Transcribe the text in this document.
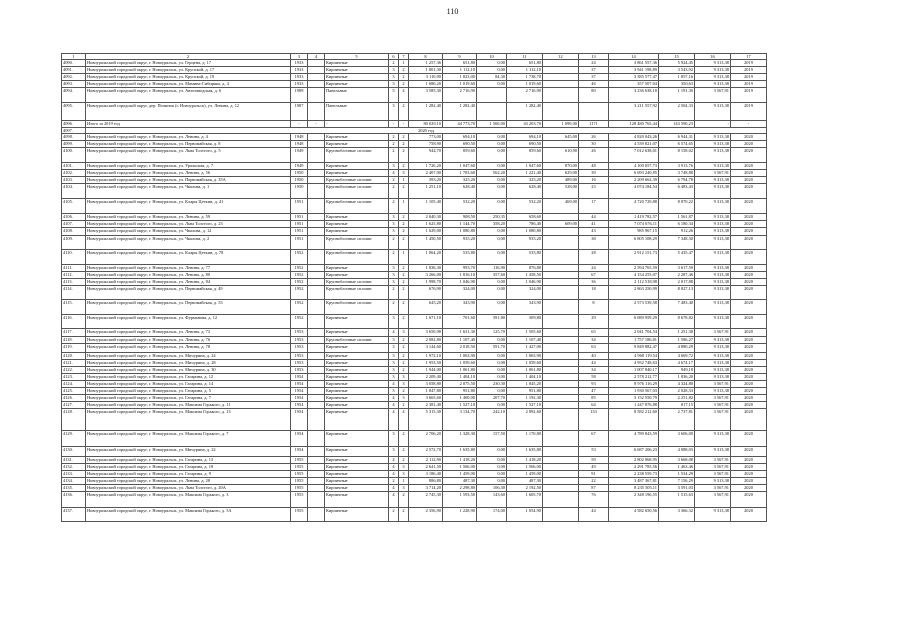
110
1	2	3	4	5	6	7	8	9	10	11	12	13	14	15	16	17
4090.	Новоуральский городской округ, г. Новоуральск, ул. Герцена, д. 17	1933		Кирпичные	2	1	1 257,36	651,80	0,00	651,80		24	3 861 557,36	5 924,45	9 313,38	2019
4091.	Новоуральский городской округ, г. Новоуральск, ул. Крупской, д. 17	1933		Кирпичные	3	2	1 801,30	1 112,10	0,00	1 112,10		37	3 941 198,89	3 543,92	9 313,38	2019
4092.	Новоуральский городской округ, г. Новоуральск, ул. Крупской, д. 19	1933		Кирпичные	3	2	3 110,90	1 823,00	84,30	1 738,70		37	3 385 577,47	1 857,16	9 313,38	2019
4093.	Новоуральский городской округ, г. Новоуральск, ул. Мамина-Сибиряка, д. 4	1933		Кирпичные	3	2	1 686,20	1 019,60	0,00	1 019,60		46	357 507,04	350,63	9 313,38	2019
4094.	Новоуральский городской округ, г. Новоуральск, ул. Автозаводская, д. 6	1989		Панельные	5	4	3 585,30	2 716,90		2 716,90		80	3 236 638,18	1 191,30	3 567,91	2019
4095.	Новоуральский городской округ, дер. Починок (г. Новоуральск), ул. Ленина, д. 12	1987		Панельные	3	2	1 282,40	1 282,40		1 282,40			3 211 557,92	2 504,33	9 313,38	2019
4096.	Итого за 2019 год	-	-	-	-	-	80 029,10	44 773,70	1 560,00	43 203,70	1 099,00	1171	128 480 765,44	143 590,23	-	-
4097.	2020 год															
4098.	Новоуральский городской округ, г. Новоуральск, ул. Ленина, д. 4	1948		Кирпичные	2	2	773,00	694,10	0,00	694,10	645,00	26	4 820 043,26	6 944,31	9 313,38	2020
4099.	Новоуральский городской округ, г. Новоуральск, ул. Первомайская, д. 8	1948		Кирпичные	2	2	758,90	690,50	0,00	690,50		30	4 539 821,07	6 574,65	9 313,38	2020
4100.	Новоуральский городской округ, г. Новоуральск, ул. Льва Толстого, д. 5	1949		Крупноблочные сплошн	2	2	944,70	859,60	0,00	859,60	610,90	26	7 012 638,01	8 158,02	9 313,38	2020
4101.	Новоуральский городской округ, г. Новоуральск, ул. Уральская, д. 7	1949		Кирпичные	3	2	1 726,20	1 047,60	0,00	1 047,60	870,00	48	4 100 057,73	3 913,76	9 313,38	2020
4102.	Новоуральский городской округ, г. Новоуральск, ул. Ленина, д. 56	1950		Кирпичные	4	3	2 407,00	1 783,60	562,20	1 221,40	629,00	39	6 693 240,85	3 748,88	3 567,91	2020
4103.	Новоуральский городской округ, г. Новоуральск, ул. Первомайская, д. 35А	1950		Крупноблочные сплошн	2	1	393,20	325,20	0,00	325,20	489,00	16	2 209 662,39	6 794,78	9 313,38	2020
4104.	Новоуральский городской округ, г. Новоуральск, ул. Чкалова, д. 1	1950		Крупноблочные сплошн	2	2	1 251,10	628,40	0,00	628,40	528,00	23	4 074 184,54	6 483,43	9 313,38	2020
4105.	Новоуральский городской округ, г. Новоуральск, ул. Клары Цеткин, д. 41	1951		Крупноблочные сплошн	2	1	1 105,40	532,20	0,00	532,20	469,00	17	4 720 729,88	8 870,22	9 313,38	2020
4106.	Новоуральский городской округ, г. Новоуральск, ул. Ленина, д. 59	1951		Кирпичные	3	2	2 040,30	908,50	250,35	658,60		44	1 419 782,57	1 561,87	9 313,38	2020
4107.	Новоуральский городской округ, г. Новоуральск, ул. Льва Толстого, д. 23	1951		Кирпичные	3	2	1 625,80	1 144,70	358,20	786,40	609,00	41	7 074 676,11	6 180,34	9 313,38	2020
4108.	Новоуральский городской округ, г. Новоуральск, ул. Чкалова, д. 12	1951		Кирпичные	3	2	1 629,00	1 080,80	0,00	1 080,80		43	985 967,15	912,26	9 313,38	2020
4109.	Новоуральский городской округ, г. Новоуральск, ул. Чкалова, д. 2	1951		Крупноблочные сплошн	2	2	1 450,50	935,20	0,00	935,20		38	6 805 108,29	7 348,30	9 313,38	2020
4110.	Новоуральский городской округ, г. Новоуральск, ул. Клары Цеткин, д. 78	1952		Крупноблочные сплошн	2	1	1 064,20	535,80	0,00	535,80		28	2 912 151,73	5 435,47	9 313,38	2020
4111.	Новоуральский городской округ, г. Новоуральск, ул. Ленина, д. 77	1952		Кирпичные	3	2	1 836,30	993,70	116,90	876,80		24	2 594 765,59	3 617,59	9 313,38	2020
4112.	Новоуральский городской округ, г. Новоуральск, ул. Ленина, д. 80	1952		Кирпичные	3	2	3 266,00	1 816,10	357,60	1 458,50		67	4 154 255,07	2 287,46	9 313,38	2020
4113.	Новоуральский городской округ, г. Новоуральск, ул. Ленина, д. 84	1952		Крупноблочные сплошн	3	2	1 998,70	1 046,90	0,00	1 046,90		36	2 112 518,98	2 017,88	9 313,38	2020
4114.	Новоуральский городской округ, г. Новоуральск, ул. Первомайская, д. 49	1952		Крупноблочные сплошн	2	2	676,90	324,00	0,00	324,00		18	2 863 250,99	8 827,13	9 313,38	2020
4115.	Новоуральский городской округ, г. Новоуральск, ул. Первомайская, д. 53	1952		Крупноблочные сплошн	2	2	645,20	343,90	0,00	343,90		8	2 573 539,58	7 483,40	9 313,38	2020
4116.	Новоуральский городской округ, г. Новоуральск, ул. Фурманова, д. 12	1952		Кирпичные	3	2	1 671,10	701,60	391,80	309,80		29	6 089 959,29	8 678,82	9 313,38	2020
4117.	Новоуральский городской округ, г. Новоуральск, ул. Ленина, д. 73	1953		Кирпичные	4	3	3 650,98	1 631,30	125,70	1 505,60		65	2 041 704,54	1 251,38	3 567,91	2020
4118.	Новоуральский городской округ, г. Новоуральск, ул. Ленина, д. 76	1953		Крупноблочные сплошн	3	2	2 082,80	1 107,40	0,00	1 107,40		34	1 757 186,81	1 586,27	9 313,38	2020
4119.	Новоуральский городской округ, г. Новоуральск, ул. Ленина, д. 78	1953		Кирпичные	3	2	3 144,60	2 018,50	591,70	1 427,00		63	9 849 882,47	4 880,29	9 313,38	2020
4120.	Новоуральский городской округ, г. Новоуральск, ул. Мичурина, д. 24	1953		Кирпичные	3	2	1 972,10	1 063,90	0,00	1 063,90		40	4 968 119,54	4 669,72	9 313,38	2020
4121.	Новоуральский городской округ, г. Новоуральск, ул. Мичурина, д. 28	1953		Кирпичные	3	2	1 953,50	1 059,60	0,00	1 059,60		44	4 952 748,63	4 674,17	9 313,38	2020
4122.	Новоуральский городской округ, г. Новоуральск, ул. Мичурина, д. 30	1953		Кирпичные	3	2	1 944,00	1 061,80	0,00	1 061,80		34	1 007 840,17	949,18	9 313,38	2020
4123.	Новоуральский городской округ, г. Новоуральск, ул. Гагарина, д. 12	1954		Кирпичные	3	3	2 209,40	1 404,10	0,00	1 404,10		58	2 578 212,77	1 836,20	9 313,38	2020
4124.	Новоуральский городской округ, г. Новоуральск, ул. Гагарина, д. 14	1954		Кирпичные	4	3	3 058,80	2 075,50	230,30	1 845,20		93	8 976 116,29	4 324,80	3 567,91	2020
4125.	Новоуральский городской округ, г. Новоуральск, ул. Гагарина, д. 5	1954		Кирпичные	3	2	1 847,80	951,80	0,00	951,80		47	1 930 567,03	2 028,33	9 313,38	2020
4126.	Новоуральский городской округ, г. Новоуральск, ул. Гагарина, д. 7	1954		Кирпичные	4	3	3 665,60	1 400,00	207,70	1 192,30		85	3 152 550,79	2 251,82	3 567,91	2020
4127.	Новоуральский городской округ, г. Новоуральск, ул. Максима Горького, д. 11	1954		Кирпичные	4	2	2 381,40	1 527,10	0,00	1 527,10		64	1 247 876,88	817,15	3 567,91	2020
4128.	Новоуральский городской округ, г. Новоуральск, ул. Максима Горького, д. 13	1954		Кирпичные	4	4	5 315,30	3 134,70	242,10	2 892,60		133	8 582 212,60	2 737,81	3 567,91	2020
4129.	Новоуральский городской округ, г. Новоуральск, ул. Максима Горького, д. 7	1954		Кирпичные	3	2	2 706,20	1 328,30	157,50	1 170,80		67	4 789 843,59	3 606,00	9 313,38	2020
4130.	Новоуральский городской округ, г. Новоуральск, ул. Мичурина, д. 22	1954		Кирпичные	3	2	2 572,70	1 635,80	0,00	1 635,80		53	6 687 206,23	4 088,03	9 313,38	2020
4131.	Новоуральский городской округ, г. Новоуральск, ул. Гагарина, д. 13	1955		Кирпичные	4	2	2 112,90	1 418,20	0,00	1 418,20		59	2 802 068,95	3 668,08	3 567,91	2020
4132.	Новоуральский городской округ, г. Новоуральск, ул. Гагарина, д. 18	1955		Кирпичные	4	3	2 641,50	1 566,00	0,00	1 566,00		49	2 291 785,56	1 463,46	3 567,91	2020
4133.	Новоуральский городской округ, г. Новоуральск, ул. Гагарина, д. 9	1955		Кирпичные	4	3	3 186,40	1 459,00	0,00	1 459,00		91	2 238 559,73	1 534,29	3 567,91	2020
4134.	Новоуральский городской округ, г. Новоуральск, ул. Ленина, д. 28	1955		Кирпичные	2	1	886,80	487,30	0,00	487,30		22	3 487 367,81	7 156,29	9 313,38	2020
4135.	Новоуральский городской округ, г. Новоуральск, ул. Льва Толстого, д. 20А	1955		Кирпичные	4	3	3 714,20	2 298,80	106,30	2 192,50		87	8 235 505,11	3 591,03	3 567,91	2020
4136.	Новоуральский городской округ, г. Новоуральск, ул. Максима Горького, д. 3	1955		Кирпичные	4	2	2 745,30	1 593,50	143,60	1 605,70		76	2 348 196,55	1 515,63	3 567,91	2020
4137.	Новоуральский городской округ, г. Новоуральск, ул. Максима Горького, д. 5А	1955		Кирпичные	2	2	2 356,90	1 228,90	174,00	1 054,90		44	4 582 650,56	3 366,32	9 313,38	2020
